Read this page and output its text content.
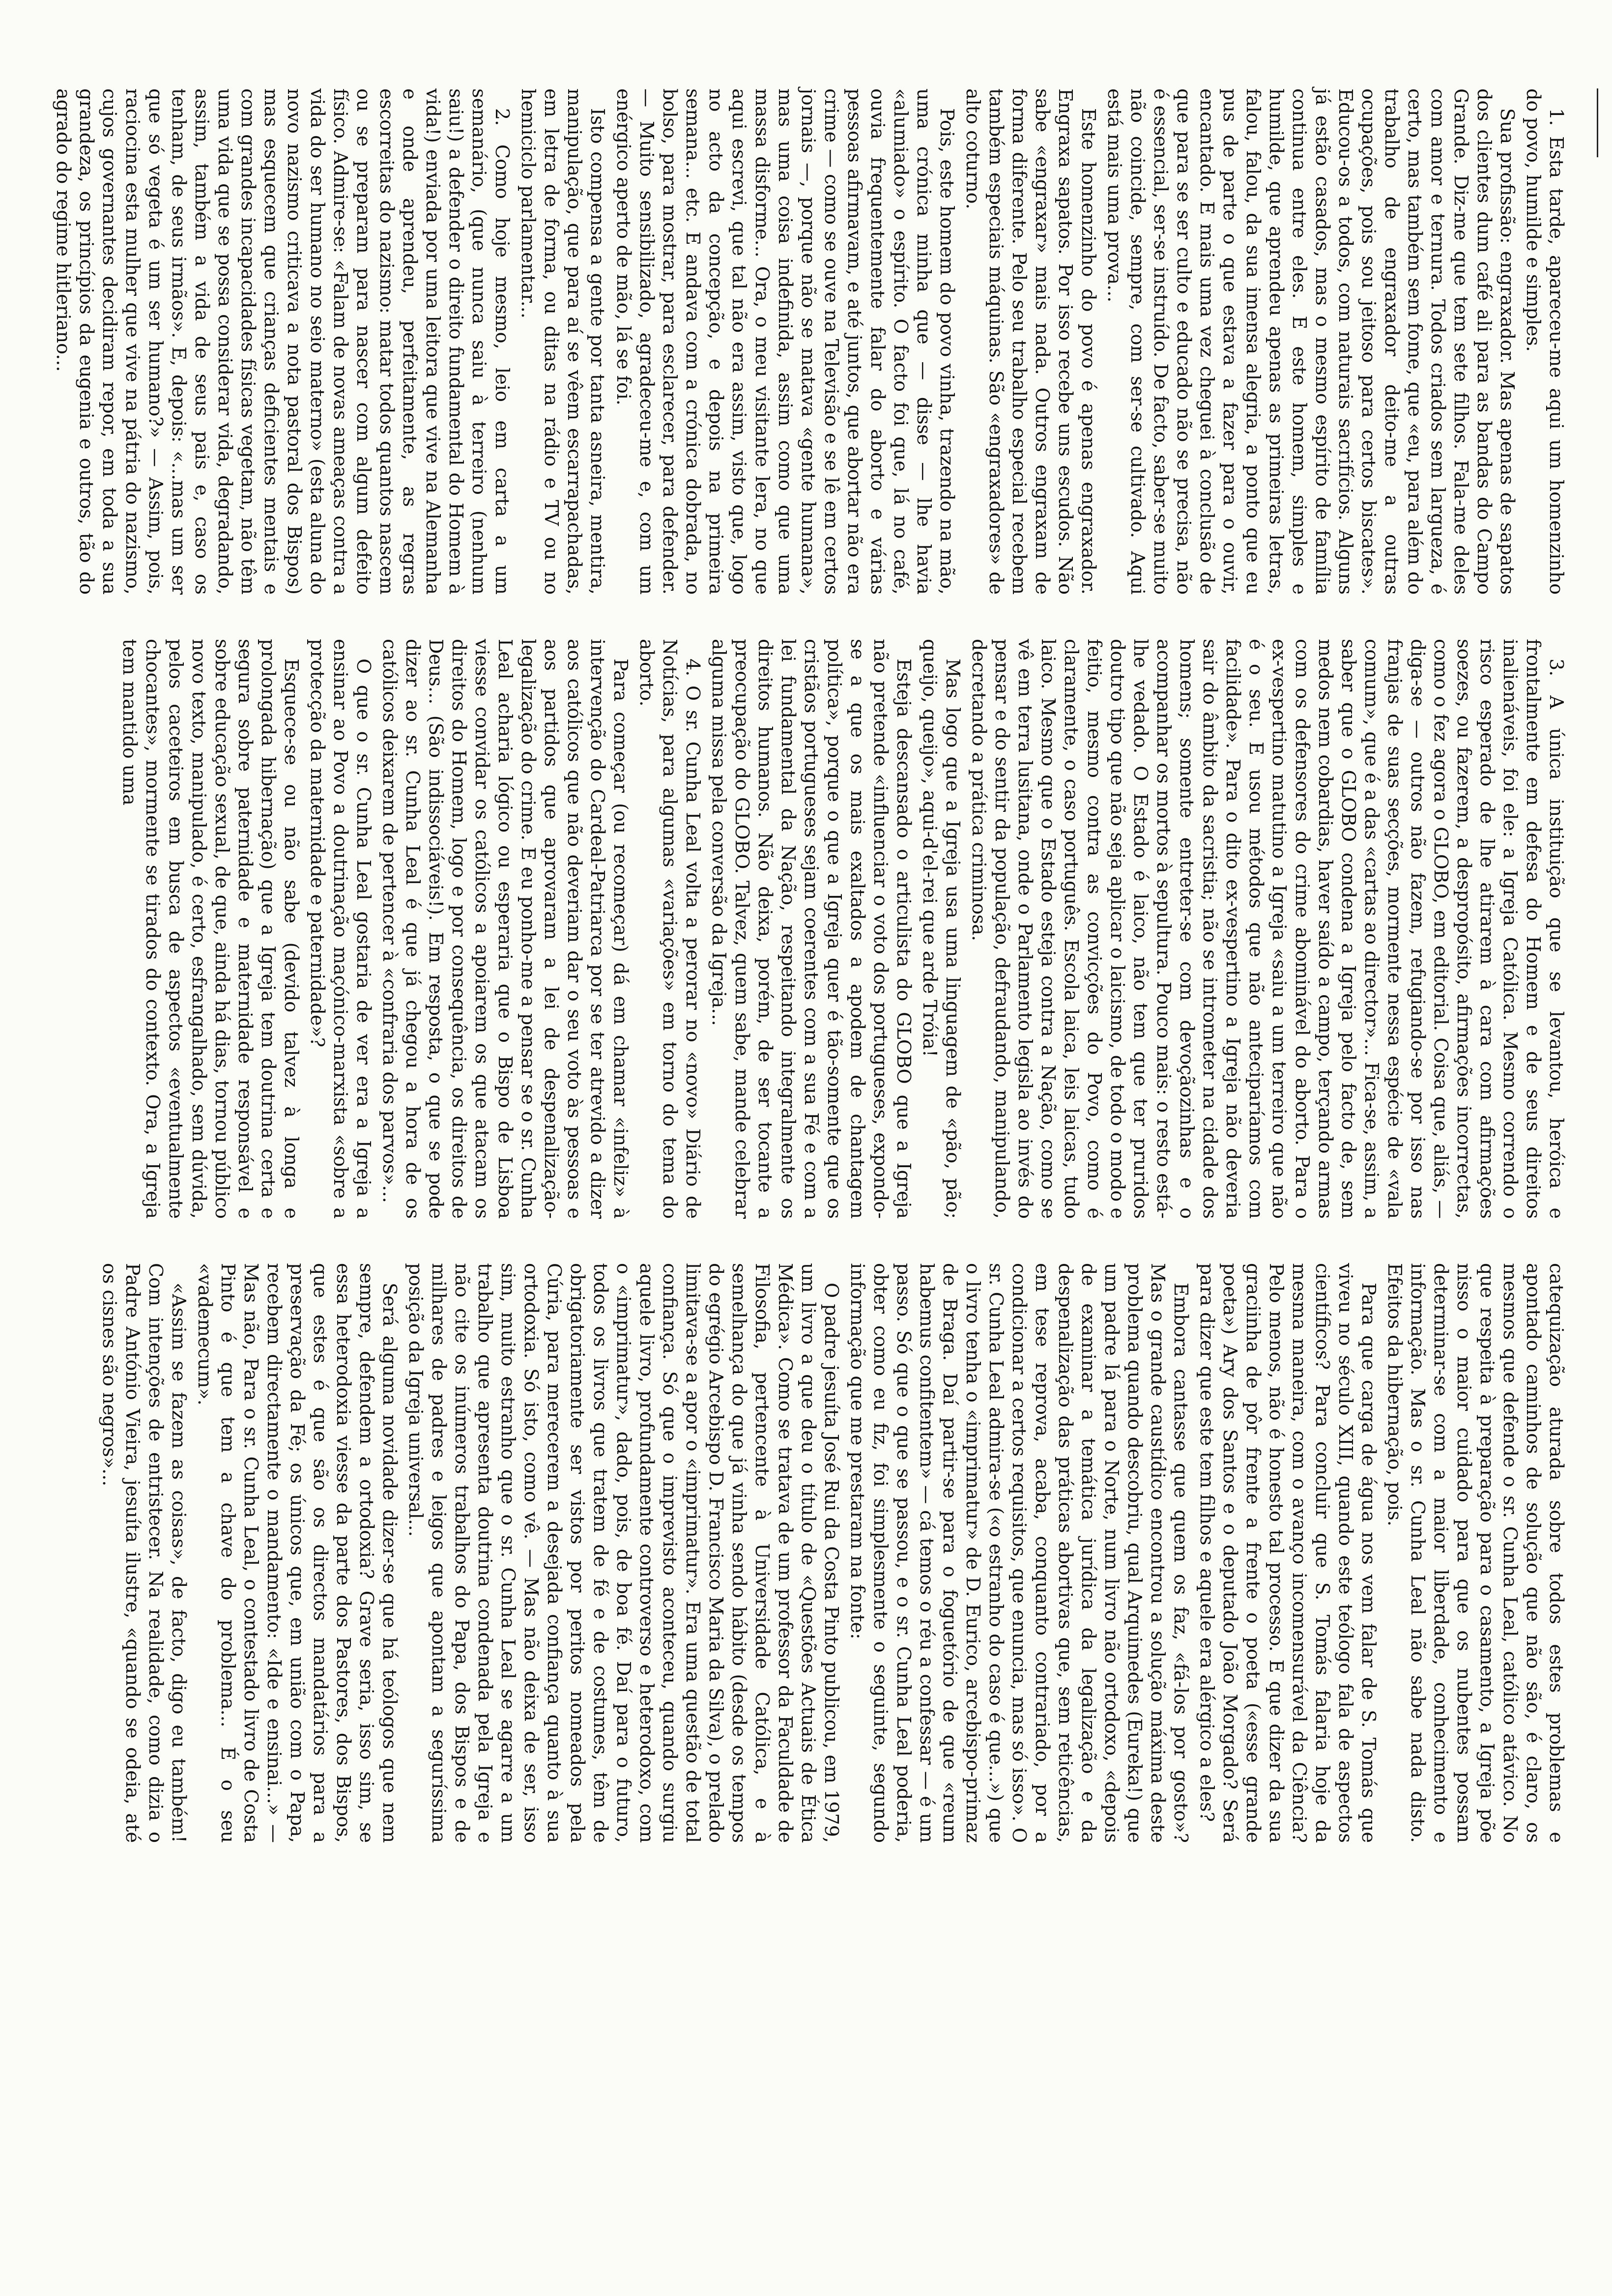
1. Esta tarde, apareceu-me aqui um homenzinho do povo, humilde e simples.

Sua profissão: engraxador. Mas apenas de sapatos dos clientes dum café ali para as bandas do Campo Grande. Diz-me que tem sete filhos. Fala-me deles com amor e ternura. Todos criados sem largueza, é certo, mas também sem fome, que «eu, para além do trabalho de engraxador deito-me a outras ocupações, pois sou jeitoso para certos biscates». Educou-os a todos, com naturais sacrifícios. Alguns já estão casados, mas o mesmo espírito de família continua entre eles. E este homem, simples e humilde, que aprendeu apenas as primeiras letras, falou, falou, da sua imensa alegria, a ponto que eu pus de parte o que estava a fazer para o ouvir, encantado. E mais uma vez cheguei à conclusão de que para se ser culto e educado não se precisa, não é essencial, ser-se instruído. De facto, saber-se muito não coincide, sempre, com ser-se cultivado. Aqui está mais uma prova...

Este homenzinho do povo é apenas engraxador. Engraxa sapatos. Por isso recebe uns escudos. Não sabe «engraxar» mais nada. Outros engraxam de forma diferente. Pelo seu trabalho especial recebem também especiais máquinas. São «engraxadores» de alto coturno.

Pois, este homem do povo vinha, trazendo na mão, uma crónica minha que — disse — lhe havia «alumiado» o espírito. O facto foi que, lá no café, ouvia frequentemente falar do aborto e várias pessoas afirmavam, e até juntos, que abortar não era crime — como se ouve na Televisão e se lê em certos jornais —, porque não se matava «gente humana», mas uma coisa indefinida, assim como que uma massa disforme... Ora, o meu visitante lera, no que aqui escrevi, que tal não era assim, visto que, logo no acto da concepção, e depois na primeira semana... etc. E andava com a crónica dobrada, no bolso, para mostrar, para esclarecer, para defender. — Muito sensibilizado, agradeceu-me e, com um enérgico aperto de mão, lá se foi.

Isto compensa a gente por tanta asneira, mentira, manipulação, que para aí se vêem escarrapachadas, em letra de forma, ou ditas na rádio e TV ou no hemiciclo parlamentar...

2. Como hoje mesmo, leio em carta a um semanário, (que nunca saiu à terreiro (nenhum saiu!) a defender o direito fundamental do Homem à vida!) enviada por uma leitora que vive na Alemanha e onde aprendeu, perfeitamente, as regras escorreitas do nazismo: matar todos quantos nascem ou se preparam para nascer com algum defeito físico. Admire-se: «Falam de novas ameaças contra a vida do ser humano no seio materno» (esta aluna do novo nazismo criticava a nota pastoral dos Bispos) mas esquecem que crianças deficientes mentais e com grandes incapacidades físicas vegetam, não têm uma vida que se possa considerar vida, degradando, assim, também a vida de seus pais e, caso os tenham, de seus irmãos». E, depois: «...mas um ser que só vegeta é um ser humano?» — Assim, pois, raciocina esta mulher que vive na pátria do nazismo, cujos governantes decidiram repor, em toda a sua grandeza, os princípios da eugenia e outros, tão do agrado do regime hitleriano...

3. A única instituição que se levantou, heróica e frontalmente em defesa do Homem e de seus direitos inalienáveis, foi ele: a Igreja Católica. Mesmo correndo o risco esperado de lhe atirarem à cara com afirmações soezes, ou fazerem, a despropósito, afirmações incorrectas, como o fez agora o GLOBO, em editorial. Coisa que, aliás, — diga-se — outros não fazem, refugiando-se por isso nas franjas de suas secções, mormente nessa espécie de «vala comum», que é a das «cartas ao director»... Fica-se, assim, a saber que o GLOBO condena a Igreja pelo facto de, sem medos nem cobardias, haver saído a campo, terçando armas com os defensores do crime abominável do aborto. Para o ex-vespertino matutino a Igreja «saiu a um terreiro que não é o seu. E usou métodos que não anteciparíamos com facilidade». Para o dito ex-vespertino a Igreja não deveria sair do âmbito da sacristia; não se intrometer na cidade dos homens; somente entreter-se com devoçãozinhas e o acompanhar os mortos à sepultura. Pouco mais: o resto está-lhe vedado. O Estado é laico, não tem que ter pruridos doutro tipo que não seja aplicar o laicismo, de todo o modo e feitio, mesmo contra as convicções do Povo, como é claramente, o caso português. Escola laica, leis laicas, tudo laico. Mesmo que o Estado esteja contra a Nação, como se vê em terra lusitana, onde o Parlamento legisla ao invés do pensar e do sentir da população, defraudando, manipulando, decretando a prática criminosa.

Mas logo que a Igreja usa uma linguagem de «pão, pão; queijo, queijo», aqui-d'el-rei que arde Tróia!

Esteja descansado o articulista do GLOBO que a Igreja não pretende «influenciar o voto dos portugueses, expondo-se a que os mais exaltados a apodem de chantagem política», porque o que a Igreja quer é tão-somente que os cristãos portugueses sejam coerentes com a sua Fé e com a lei fundamental da Nação, respeitando integralmente os direitos humanos. Não deixa, porém, de ser tocante a preocupação do GLOBO. Talvez, quem sabe, mande celebrar alguma missa pela conversão da Igreja...

4. O sr. Cunha Leal volta a perorar no «novo» Diário de Notícias, para algumas «variações» em torno do tema do aborto.

Para começar (ou recomeçar) dá em chamar «infeliz» à intervenção do Cardeal-Patriarca por se ter atrevido a dizer aos católicos que não deveriam dar o seu voto às pessoas e aos partidos que aprovaram a lei de despenalização-legalização do crime. E eu ponho-me a pensar se o sr. Cunha Leal acharia lógico ou esperaria que o Bispo de Lisboa viesse convidar os católicos a apoiarem os que atacam os direitos do Homem, logo e por consequência, os direitos de Deus... (São indissociáveis!). Em resposta, o que se pode dizer ao sr. Cunha Leal é que já chegou a hora de os católicos deixarem de pertencer à «confraria dos parvos»...

O que o sr. Cunha Leal gostaria de ver era a Igreja a ensinar ao Povo a doutrinação maçónico-marxista «sobre a protecção da maternidade e paternidade»?

Esquece-se ou não sabe (devido talvez à longa e prolongada hibernação) que a Igreja tem doutrina certa e segura sobre paternidade e maternidade responsável e sobre educação sexual, de que, ainda há dias, tornou público novo texto, manipulado, é certo, esfrangalhado, sem dúvida, pelos caceteiros em busca de aspectos «eventualmente chocantes», mormente se tirados do contexto. Ora, a Igreja tem mantido uma

catequização aturada sobre todos estes problemas e apontado caminhos de solução que não são, é claro, os mesmos que defende o sr. Cunha Leal, católico atávico. No que respeita à preparação para o casamento, a Igreja põe nisso o maior cuidado para que os nubentes possam determinar-se com a maior liberdade, conhecimento e informação. Mas o sr. Cunha Leal não sabe nada disto. Efeitos da hibernação, pois.

Para que carga de água nos vem falar de S. Tomás que viveu no século XIII, quando este teólogo fala de aspectos científicos? Para concluir que S. Tomás falaria hoje da mesma maneira, com o avanço incomensurável da Ciência? Pelo menos, não é honesto tal processo. E que dizer da sua graciinha de pôr frente a frente o poeta («esse grande poeta») Ary dos Santos e o deputado João Morgado? Será para dizer que este tem filhos e aquele era alérgico a eles?

Embora cantasse que quem os faz, «fá-los por gosto»? Mas o grande caustídico encontrou a solução máxima deste problema quando descobriu, qual Arquimedes (Eureka!) que um padre lá para o Norte, num livro não ortodoxo, «depois de examinar a temática jurídica da legalização e da despenalização das práticas abortivas que, sem reticências, em tese reprova, acaba, conquanto contrariado, por a condicionar a certos requisitos, que enuncia, mas só isso». O sr. Cunha Leal admira-se («o estranho do caso é que...») que o livro tenha o «imprimatur» de D. Eurico, arcebispo-primaz de Braga. Daí partir-se para o foguetório de que «reum habemus confitentem» — cá temos o réu a confessar — é um passo. Só que o que se passou, e o sr. Cunha Leal poderia, obter como eu fiz, foi simplesmente o seguinte, segundo informação que me prestaram na fonte:

O padre jesuíta José Rui da Costa Pinto publicou, em 1979, um livro a que deu o título de «Questões Actuais de Ética Médica». Como se tratava de um professor da Faculdade de Filosofia, pertencente à Universidade Católica, e à semelhança do que já vinha sendo hábito (desde os tempos do egrégio Arcebispo D. Francisco Maria da Silva), o prelado limitava-se a apor o «imprimatur». Era uma questão de total confiança. Só que o imprevisto aconteceu, quando surgiu aquele livro, profundamente controverso e heterodoxo, com o «imprimatur», dado, pois, de boa fé. Daí para o futuro, todos os livros que tratem de fé e de costumes, têm de obrigatoriamente ser vistos por peritos nomeados pela Cúria, para merecerem a desejada confiança quanto à sua ortodoxia. Só isto, como vê. — Mas não deixa de ser, isso sim, muito estranho que o sr. Cunha Leal se agarre a um trabalho que apresenta doutrina condenada pela Igreja e não cite os inúmeros trabalhos do Papa, dos Bispos e de milhares de padres e leigos que apontam a seguríssima posição da Igreja universal...

Será alguma novidade dizer-se que há teólogos que nem sempre, defendem a ortodoxia? Grave seria, isso sim, se essa heterodoxia viesse da parte dos Pastores, dos Bispos, que estes é que são os directos mandatários para a preservação da Fé; os únicos que, em união com o Papa, recebem directamente o mandamento: «Ide e ensinai...» — Mas não, Para o sr. Cunha Leal, o contestado livro de Costa Pinto é que tem a chave do problema... É o seu «vademecum».

«Assim se fazem as coisas», de facto, digo eu também! Com intenções de entristecer. Na realidade, como dizia o Padre António Vieira, jesuíta ilustre, «quando se odeia, até os cisnes são negros»...
